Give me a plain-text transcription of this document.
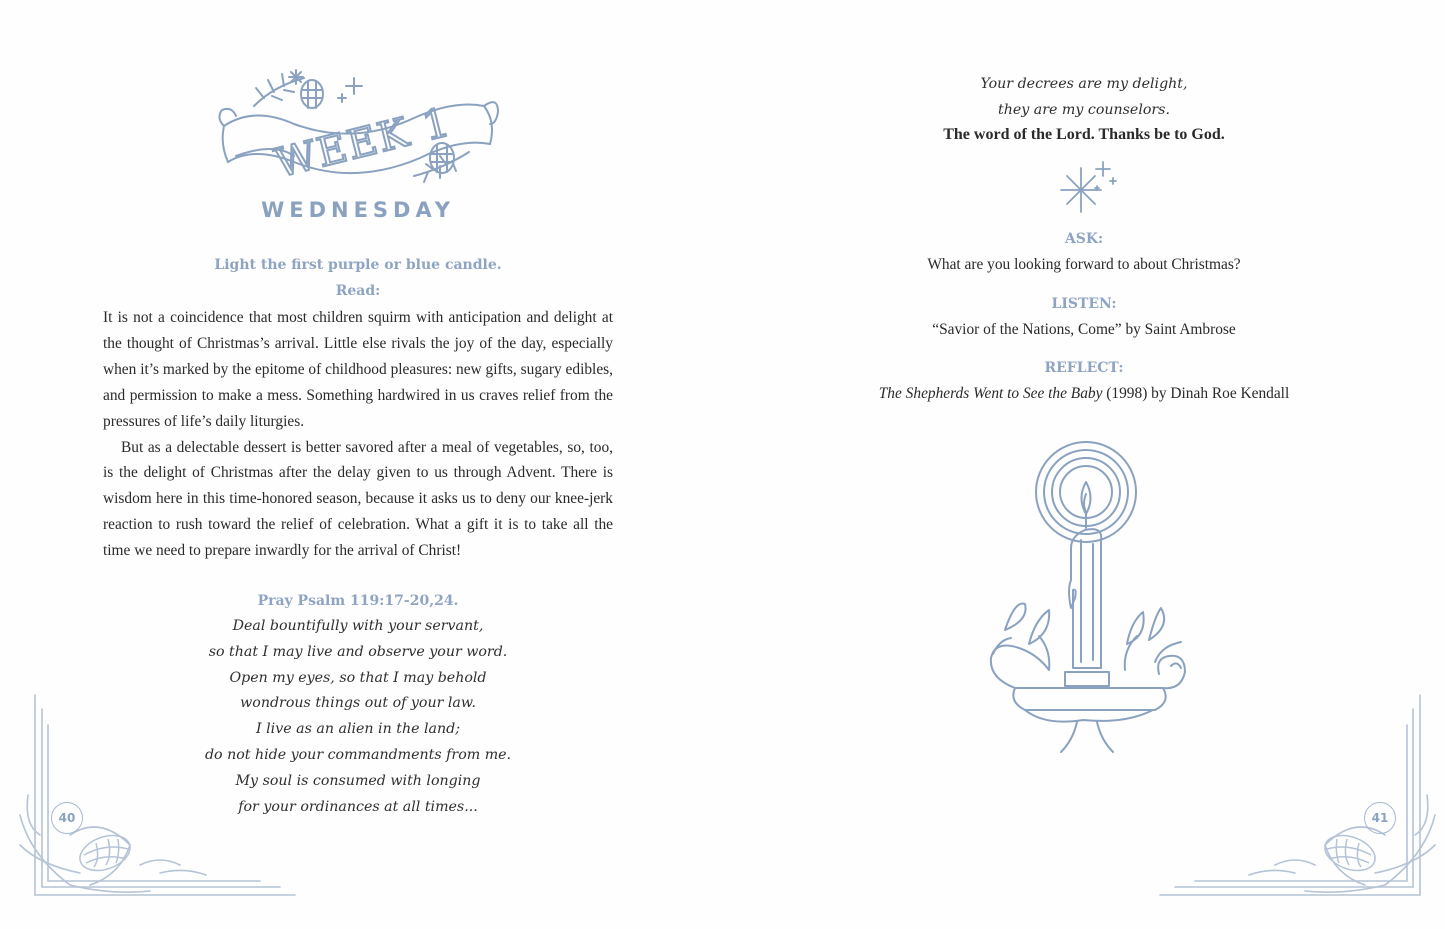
WEEK 1
WEDNESDAY
Light the first purple or blue candle.
Read:

It is not a coincidence that most children squirm with anticipation and delight at the thought of Christmas’s arrival. Little else rivals the joy of the day, especially when it’s marked by the epitome of childhood pleasures: new gifts, sugary edibles, and permission to make a mess. Something hardwired in us craves relief from the pressures of life’s daily liturgies.

But as a delectable dessert is better savored after a meal of vegetables, so, too, is the delight of Christmas after the delay given to us through Advent. There is wisdom here in this time-honored season, because it asks us to deny our knee-jerk reaction to rush toward the relief of celebration. What a gift it is to take all the time we need to prepare inwardly for the arrival of Christ!

Pray Psalm 119:17-20,24.
Deal bountifully with your servant,
so that I may live and observe your word.
Open my eyes, so that I may behold
wondrous things out of your law.
I live as an alien in the land;
do not hide your commandments from me.
My soul is consumed with longing
for your ordinances at all times...
40
Your decrees are my delight,
they are my counselors.
The word of the Lord. Thanks be to God.
ASK:
What are you looking forward to about Christmas?
LISTEN:
“Savior of the Nations, Come” by Saint Ambrose
REFLECT:
The Shepherds Went to See the Baby (1998) by Dinah Roe Kendall
41
